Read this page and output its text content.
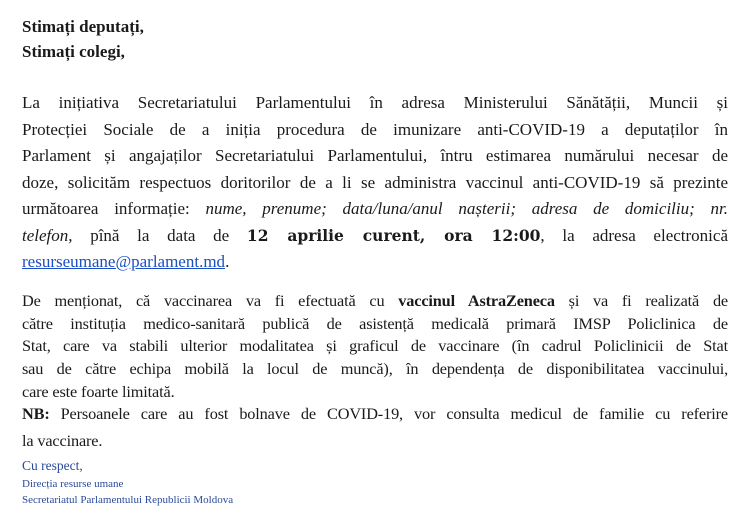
Stimați deputați,
Stimați colegi,
La inițiativa Secretariatului Parlamentului în adresa Ministerului Sănătății, Muncii și
Protecției Sociale de a iniția procedura de imunizare anti-COVID-19 a deputaților în
Parlament și angajaților Secretariatului Parlamentului, întru estimarea numărului necesar de
doze, solicităm respectuos doritorilor de a li se administra vaccinul anti-COVID-19 să prezinte
următoarea informație: nume, prenume; data/luna/anul nașterii; adresa de domiciliu; nr.
telefon, pînă la data de 12 aprilie curent, ora 12:00, la adresa electronică
resurseumane@parlament.md.
De menționat, că vaccinarea va fi efectuată cu vaccinul AstraZeneca și va fi realizată de
către instituția medico-sanitară publică de asistență medicală primară IMSP Policlinica de
Stat, care va stabili ulterior modalitatea și graficul de vaccinare (în cadrul Policlinicii de Stat
sau de către echipa mobilă la locul de muncă), în dependența de disponibilitatea vaccinului,
care este foarte limitată.
NB: Persoanele care au fost bolnave de COVID-19, vor consulta medicul de familie cu referire
la vaccinare.
Cu respect,
Direcția resurse umane
Secretariatul Parlamentului Republicii Moldova
